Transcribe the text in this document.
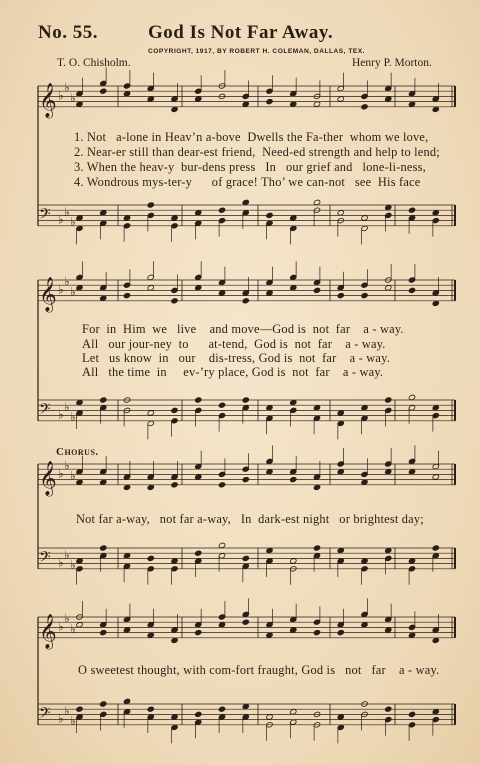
No. 55.	God Is Not Far Away.
COPYRIGHT, 1917, BY ROBERT H. COLEMAN, DALLAS, TEX.
T. O. Chisholm.	Henry P. Morton.
𝄞 ♭
♭
♭
𝄢 ♭
♭
♭
𝄞 ♭
♭
♭
𝄢 ♭
♭
♭
𝄞 ♭
♭
♭
𝄢 ♭
♭
♭
𝄞 ♭
♭
♭
𝄢 ♭
♭
♭
1. Not   a-lone in Heav’n a-bove  Dwells the Fa-ther  whom we love,
2. Near-er still than dear-est friend,  Need-ed strength and help to lend;
3. When the heav-y  bur-dens press   In   our grief and   lone-li-ness,
4. Wondrous mys-ter-y      of grace! Tho’ we can-not   see  His face
For  in  Him  we   live    and move—God is  not  far    a - way.
All   our jour-ney  to      at-tend,  God is  not  far    a - way.
Let   us know  in   our    dis-tress, God is  not  far    a - way.
All   the time  in     ev-’ry place, God is  not  far    a - way.
Chorus.
Not far a-way,   not far a-way,   In  dark-est night   or brightest day;
O sweetest thought, with com-fort fraught, God is   not   far    a - way.
